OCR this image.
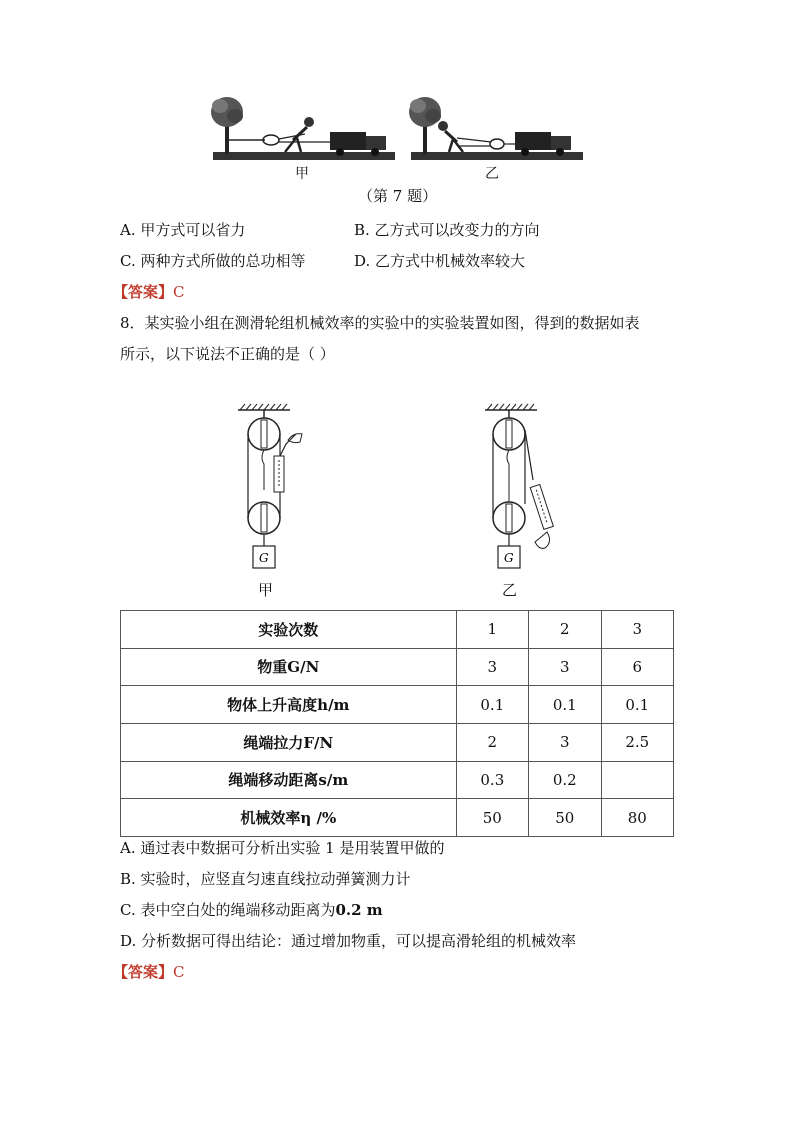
甲	乙
（第 7 题）
A. 甲方式可以省力	B. 乙方式可以改变力的方向
C. 两种方式所做的总功相等	D. 乙方式中机械效率较大
【答案】C
8．某实验小组在测滑轮组机械效率的实验中的实验装置如图，得到的数据如表
所示，以下说法不正确的是（ ）
G	G
甲	乙
实验次数	1	2	3
物重G/N	3	3	6
物体上升高度h/m	0.1	0.1	0.1
绳端拉力F/N	2	3	2.5
绳端移动距离s/m	0.3	0.2	
机械效率η /%	50	50	80
A. 通过表中数据可分析出实验 1 是用装置甲做的
B. 实验时，应竖直匀速直线拉动弹簧测力计
C. 表中空白处的绳端移动距离为0.2 m
D. 分析数据可得出结论：通过增加物重，可以提高滑轮组的机械效率
【答案】C
